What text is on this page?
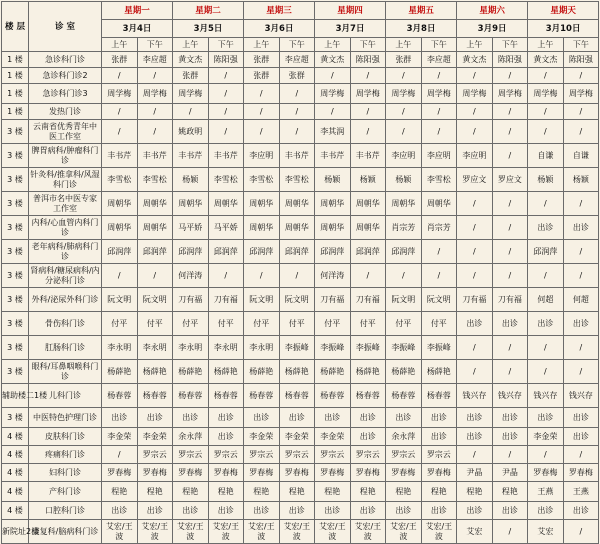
楼 层	诊 室	星期一		星期二		星期三		星期四		星期五		星期六		星期天	
		3月4日		3月5日		3月6日		3月7日		3月8日		3月9日		3月10日	
		上午	下午	上午	下午	上午	下午	上午	下午	上午	下午	上午	下午	上午	下午
1 楼	急诊科门诊	张群	李应超	黄文杰	陈阳强	张群	李应超	黄文杰	陈阳强	张群	李应超	黄文杰	陈阳强	黄文杰	陈阳强
1 楼	急诊科门诊2	/	/	张群	/	张群	张群	/	/	/	/	/	/	/	/
1 楼	急诊科门诊3	周学梅	周学梅	周学梅	/	/	/	周学梅	周学梅	周学梅	周学梅	周学梅	周学梅	周学梅	周学梅
1 楼	发热门诊	/	/	/	/	/	/	/	/	/	/	/	/	/	/
3 楼	云南省优秀青年中医工作室	/	/	姚政明	/	/	/	李其润	/	/	/	/	/	/	/
3 楼	脾胃病科/肿瘤科门诊	丰书芹	丰书芹	丰书芹	丰书芹	李应明	丰书芹	丰书芹	丰书芹	李应明	李应明	李应明	/	自谦	自谦
3 楼	针灸科/推拿科/风湿科门诊	李雪松	李雪松	杨颖	李雪松	李雪松	李雪松	杨颖	杨颖	杨颖	李雪松	罗应文	罗应文	杨颖	杨颖
3 楼	普洱市名中医专家工作室	周朝华	周朝华	周朝华	周朝华	周朝华	周朝华	周朝华	周朝华	周朝华	周朝华	/	/	/	/
3 楼	内科/心血管内科门诊	周朝华	周朝华	马平娇	马平娇	周朝华	周朝华	周朝华	周朝华	肖宗芳	肖宗芳	/	/	出诊	出诊
3 楼	老年病科/肺病科门诊	邱润萍	邱润萍	邱润萍	邱润萍	邱润萍	邱润萍	邱润萍	邱润萍	邱润萍	/	/	/	邱润萍	/
3 楼	肾病科/糖尿病科/内分泌科门诊	/	/	何洋涛	/	/	/	何洋涛	/	/	/	/	/	/	/
3 楼	外科/泌尿外科门诊	阮文明	阮文明	刀有福	刀有福	阮文明	阮文明	刀有福	刀有福	阮文明	阮文明	刀有福	刀有福	何超	何超
3 楼	骨伤科门诊	付平	付平	付平	付平	付平	付平	付平	付平	付平	付平	出诊	出诊	出诊	出诊
3 楼	肛肠科门诊	李永明	李永明	李永明	李永明	李永明	李振峰	李振峰	李振峰	李振峰	李振峰	/	/	/	/
3 楼	眼科/耳鼻咽喉科门诊	杨薛艳	杨薛艳	杨薛艳	杨薛艳	杨薛艳	杨薛艳	杨薛艳	杨薛艳	杨薛艳	杨薛艳	/	/	/	/
辅助楼二1楼	儿科门诊	杨春蓉	杨春蓉	杨春蓉	杨春蓉	杨春蓉	杨春蓉	杨春蓉	杨春蓉	杨春蓉	杨春蓉	钱兴存	钱兴存	钱兴存	钱兴存
3 楼	中医特色护理门诊	出诊	出诊	出诊	出诊	出诊	出诊	出诊	出诊	出诊	出诊	出诊	出诊	出诊	出诊
4 楼	皮肤科门诊	李金荣	李金荣	余永萍	出诊	李金荣	李金荣	李金荣	出诊	余永萍	出诊	出诊	出诊	李金荣	出诊
4 楼	疼痛科门诊	/	罗宗云	罗宗云	罗宗云	罗宗云	罗宗云	罗宗云	罗宗云	罗宗云	罗宗云	/	/	/	/
4 楼	妇科门诊	罗春梅	罗春梅	罗春梅	罗春梅	罗春梅	罗春梅	罗春梅	罗春梅	罗春梅	罗春梅	尹晶	尹晶	罗春梅	罗春梅
4 楼	产科门诊	程艳	程艳	程艳	程艳	程艳	程艳	程艳	程艳	程艳	程艳	程艳	程艳	王燕	王燕
4 楼	口腔科门诊	出诊	出诊	出诊	出诊	出诊	出诊	出诊	出诊	出诊	出诊	出诊	出诊	出诊	出诊
新院址2楼	康复科/脑病科门诊	艾宏/王波	艾宏/王波	艾宏/王波	艾宏/王波	艾宏/王波	艾宏/王波	艾宏/王波	艾宏/王波	艾宏/王波	艾宏/王波	艾宏	/	艾宏	/
